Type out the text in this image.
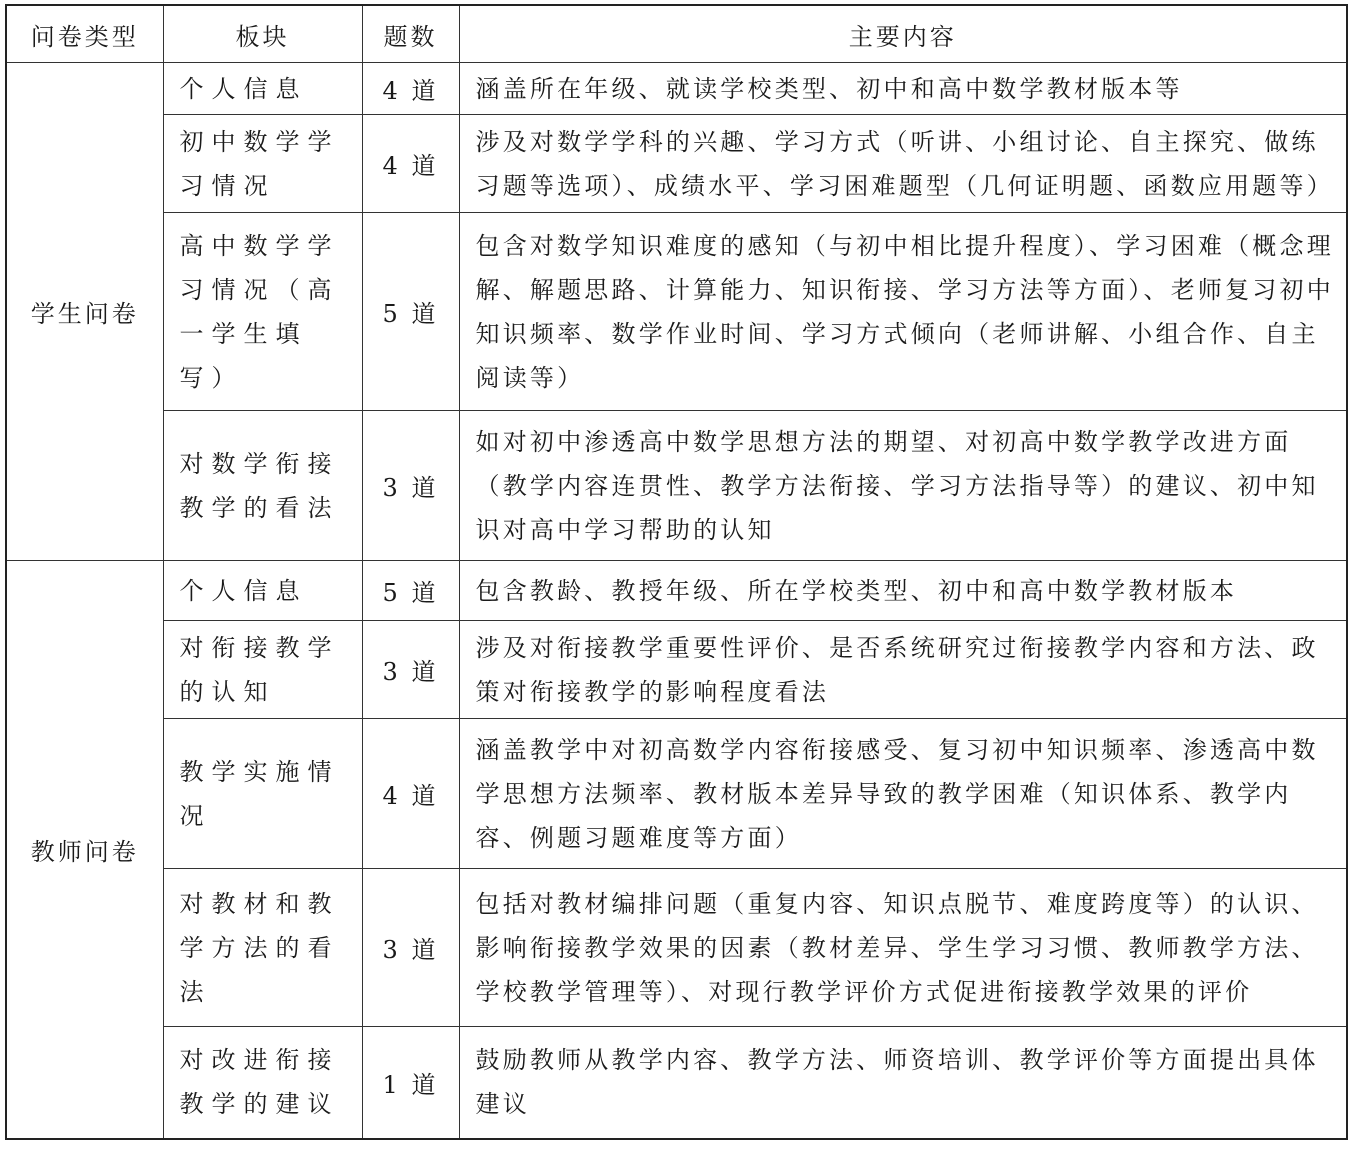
问卷类型	板块	题数	主要内容
学生问卷	个人信息	4 道	涵盖所在年级、就读学校类型、初中和高中数学教材版本等
	初中数学学习情况	4 道	涉及对数学学科的兴趣、学习方式（听讲、小组讨论、自主探究、做练习题等选项）、成绩水平、学习困难题型（几何证明题、函数应用题等）
	高中数学学习情况（高一学生填写）	5 道	包含对数学知识难度的感知（与初中相比提升程度）、学习困难（概念理解、解题思路、计算能力、知识衔接、学习方法等方面）、老师复习初中知识频率、数学作业时间、学习方式倾向（老师讲解、小组合作、自主阅读等）
	对数学衔接教学的看法	3 道	如对初中渗透高中数学思想方法的期望、对初高中数学教学改进方面（教学内容连贯性、教学方法衔接、学习方法指导等）的建议、初中知识对高中学习帮助的认知
教师问卷	个人信息	5 道	包含教龄、教授年级、所在学校类型、初中和高中数学教材版本
	对衔接教学的认知	3 道	涉及对衔接教学重要性评价、是否系统研究过衔接教学内容和方法、政策对衔接教学的影响程度看法
	教学实施情况	4 道	涵盖教学中对初高数学内容衔接感受、复习初中知识频率、渗透高中数学思想方法频率、教材版本差异导致的教学困难（知识体系、教学内容、例题习题难度等方面）
	对教材和教学方法的看法	3 道	包括对教材编排问题（重复内容、知识点脱节、难度跨度等）的认识、影响衔接教学效果的因素（教材差异、学生学习习惯、教师教学方法、学校教学管理等）、对现行教学评价方式促进衔接教学效果的评价
	对改进衔接教学的建议	1 道	鼓励教师从教学内容、教学方法、师资培训、教学评价等方面提出具体建议
